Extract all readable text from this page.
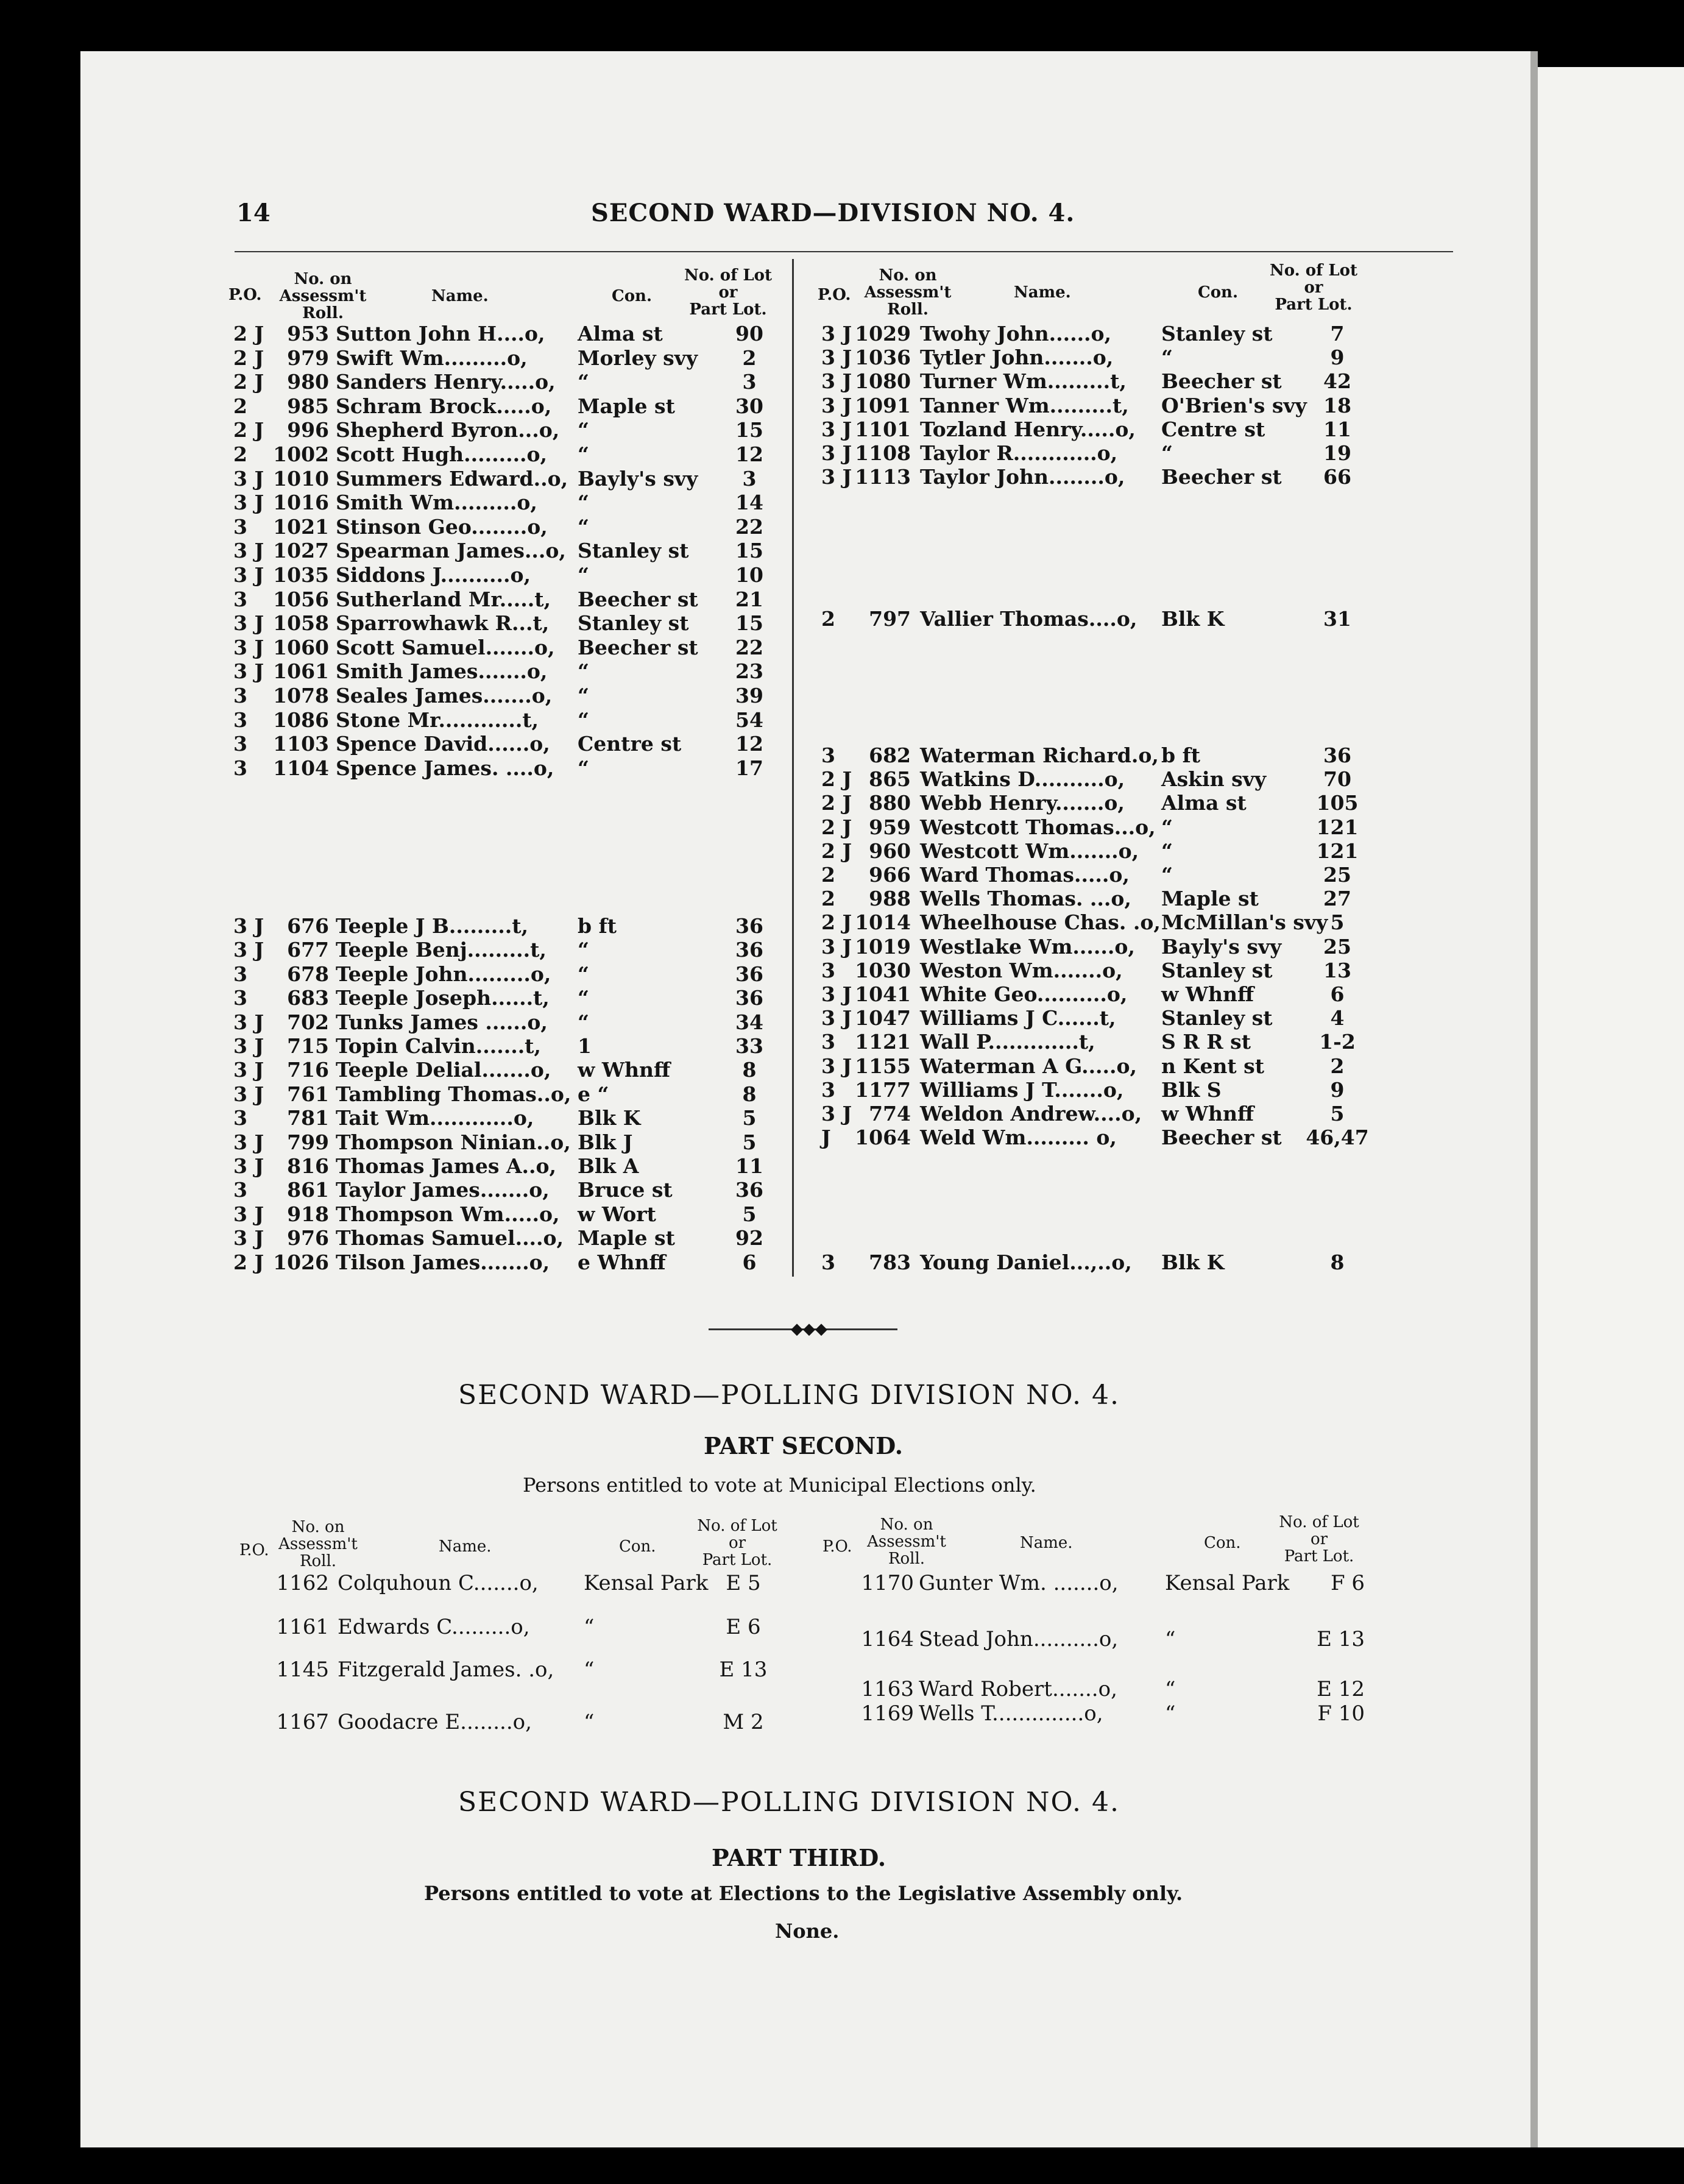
14	SECOND WARD—DIVISION NO. 4.
P.O.
No. on
Assessm't
Roll.
Name.	Con.
No. of Lot
or
Part Lot.
P.O.
No. on
Assessm't
Roll.
Name.	Con.
No. of Lot
or
Part Lot.
2 J	953 Sutton John H....o, Alma st	90
2 J	979 Swift Wm.........o, Morley svy	2
2 J	980 Sanders Henry.....o, “	3
2	985 Schram Brock.....o, Maple st	30
2 J	996 Shepherd Byron...o, “	15
2 1002 Scott Hugh.........o, “	12
3 J 1010 Summers Edward..o, Bayly's svy	3
3 J 1016 Smith Wm.........o, “	14
3 1021 Stinson Geo........o, “	22
3 J 1027 Spearman James...o, Stanley st	15
3 J 1035 Siddons J..........o, “	10
3 1056 Sutherland Mr.....t, Beecher st	21
3 J 1058 Sparrowhawk R...t, Stanley st	15
3 J 1060 Scott Samuel.......o, Beecher st	22
3 J 1061 Smith James.......o, “	23
3 1078 Seales James.......o, “	39
3 1086 Stone Mr............t, “	54
3 1103 Spence David......o, Centre st	12
3 1104 Spence James. ....o, “	17
3 J	676 Teeple J B.........t, b ft	36
3 J	677 Teeple Benj.........t, “	36
3	678 Teeple John.........o, “	36
3	683 Teeple Joseph......t, “	36
3 J	702 Tunks James ......o, “	34
3 J	715 Topin Calvin.......t, 1	33
3 J	716 Teeple Delial.......o, w Whnff	8
3 J	761 Tambling Thomas..o, e “	8
3	781 Tait Wm............o, Blk K	5
3 J	799 Thompson Ninian..o, Blk J	5
3 J	816 Thomas James A..o, Blk A	11
3	861 Taylor James.......o, Bruce st	36
3 J	918 Thompson Wm.....o, w Wort	5
3 J	976 Thomas Samuel....o, Maple st	92
2 J 1026 Tilson James.......o, e Whnff	6
3 J 1029 Twohy John......o, Stanley st	7
3 J 1036 Tytler John.......o, “	9
3 J 1080 Turner Wm.........t, Beecher st	42
3 J 1091 Tanner Wm.........t, O'Brien's svy 18
3 J 1101 Tozland Henry.....o, Centre st	11
3 J 1108 Taylor R............o, “	19
3 J 1113 Taylor John........o, Beecher st	66
2	797 Vallier Thomas....o, Blk K	31
3	682 Waterman Richard.o, b ft	36
2 J 865 Watkins D..........o, Askin svy	70
2 J 880 Webb Henry.......o, Alma st	105
2 J 959 Westcott Thomas...o, “	121
2 J 960 Westcott Wm.......o, “	121
2	966 Ward Thomas.....o, “	25
2	988 Wells Thomas. ...o, Maple st	27
2 J 1014 Wheelhouse Chas. .o, McMillan's svy 5
3 J 1019 Westlake Wm......o, Bayly's svy	25
3 1030 Weston Wm.......o, Stanley st	13
3 J 1041 White Geo..........o, w Whnff	6
3 J 1047 Williams J C......t, Stanley st	4
3 1121 Wall P.............t,	S R R st	1-2
3 J 1155 Waterman A G.....o, n Kent st	2
3 1177 Williams J T.......o, Blk S	9
3 J 774 Weldon Andrew....o, w Whnff	5
J 1064 Weld Wm......... o, Beecher st	46,47
3	783 Young Daniel...,..o, Blk K	8
◆◆◆
SECOND WARD—POLLING DIVISION NO. 4.
PART SECOND.
Persons entitled to vote at Municipal Elections only.
P.O.
No. on
Assessm't
Roll.
Name.	Con.
No. of Lot
or
Part Lot.
P.O.
No. on
Assessm't
Roll.
Name.	Con.
No. of Lot
or
Part Lot.
1162 Colquhoun C.......o, Kensal Park E 5
1161 Edwards C.........o,	“	E 6
1145 Fitzgerald James. .o, “	E 13
1167 Goodacre E........o,	“	M 2
1170 Gunter Wm. .......o, Kensal Park	F 6
1164 Stead John..........o, “	E 13
1163 Ward Robert.......o, “	E 12
1169 Wells T..............o,	“	F 10
SECOND WARD—POLLING DIVISION NO. 4.
PART THIRD.
Persons entitled to vote at Elections to the Legislative Assembly only.
None.
